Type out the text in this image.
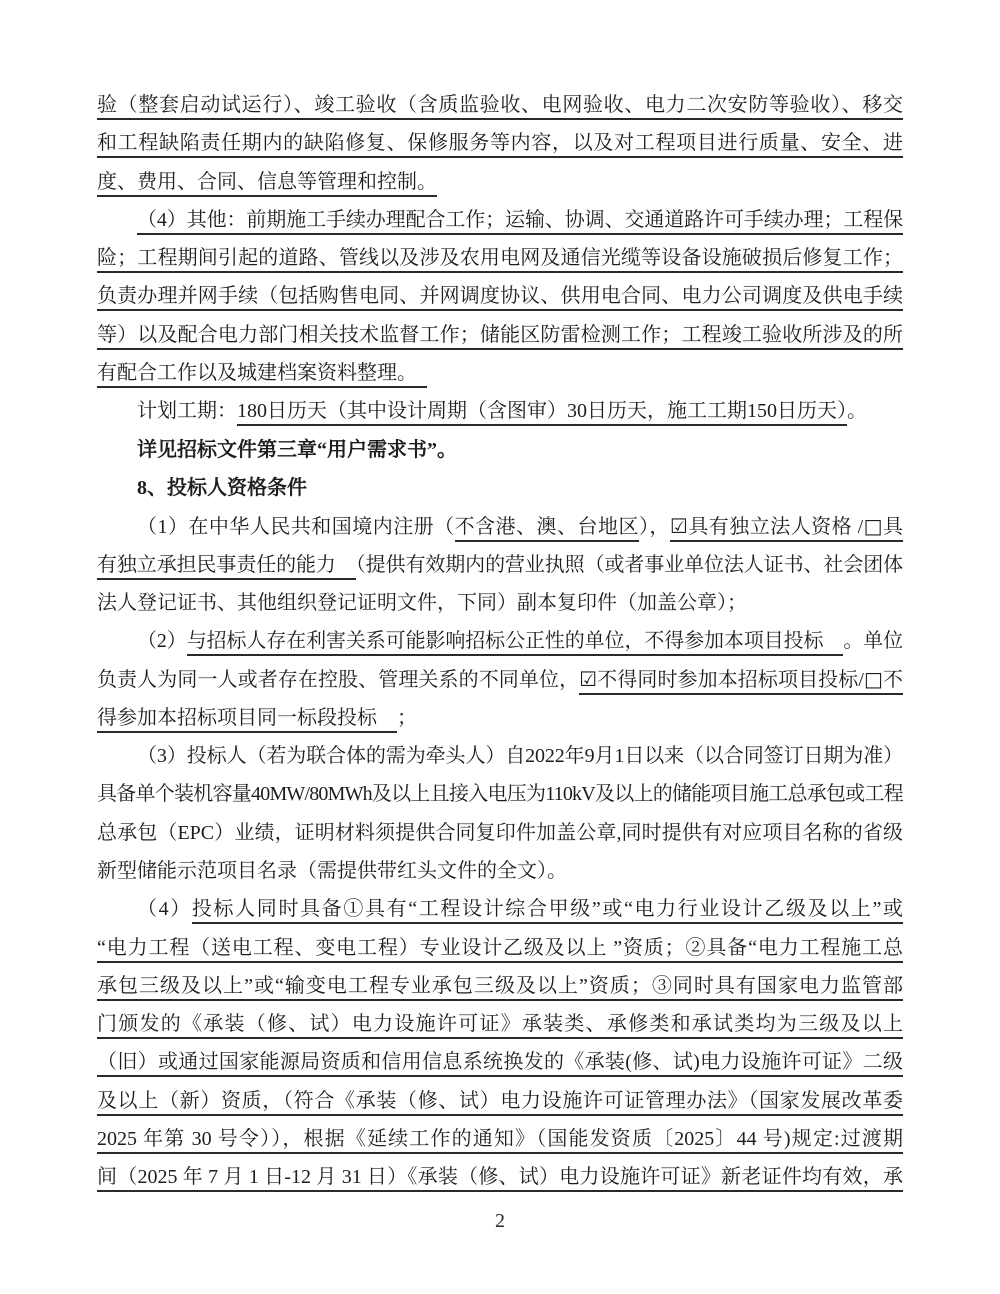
验（整套启动试运行）、竣工验收（含质监验收、电网验收、电力二次安防等验收）、移交
和工程缺陷责任期内的缺陷修复、保修服务等内容，以及对工程项目进行质量、安全、进
度、费用、合同、信息等管理和控制。
（4）其他：前期施工手续办理配合工作；运输、协调、交通道路许可手续办理；工程保
险；工程期间引起的道路、管线以及涉及农用电网及通信光缆等设备设施破损后修复工作；
负责办理并网手续（包括购售电同、并网调度协议、供用电合同、电力公司调度及供电手续
等）以及配合电力部门相关技术监督工作；储能区防雷检测工作；工程竣工验收所涉及的所
有配合工作以及城建档案资料整理。　
计划工期：180日历天（其中设计周期（含图审）30日历天，施工工期150日历天）。
详见招标文件第三章“用户需求书”。
8、投标人资格条件
（1）在中华人民共和国境内注册（不含港、澳、台地区），☑具有独立法人资格 /□具
有独立承担民事责任的能力　（提供有效期内的营业执照（或者事业单位法人证书、社会团体
法人登记证书、其他组织登记证明文件，下同）副本复印件（加盖公章）；
（2）与招标人存在利害关系可能影响招标公正性的单位，不得参加本项目投标　。单位
负责人为同一人或者存在控股、管理关系的不同单位，☑不得同时参加本招标项目投标/□不
得参加本招标项目同一标段投标　；
（3）投标人（若为联合体的需为牵头人）自2022年9月1日以来（以合同签订日期为准）
具备单个装机容量40MW/80MWh及以上且接入电压为110kV及以上的储能项目施工总承包或工程
总承包（EPC）业绩，证明材料须提供合同复印件加盖公章,同时提供有对应项目名称的省级
新型储能示范项目名录（需提供带红头文件的全文）。
（4）投标人同时具备①具有“工程设计综合甲级”或“电力行业设计乙级及以上”或
“电力工程（送电工程、变电工程）专业设计乙级及以上 ”资质；②具备“电力工程施工总
承包三级及以上”或“输变电工程专业承包三级及以上”资质；③同时具有国家电力监管部
门颁发的《承装（修、试）电力设施许可证》承装类、承修类和承试类均为三级及以上
（旧）或通过国家能源局资质和信用信息系统换发的《承装(修、试)电力设施许可证》二级
及以上（新）资质，（符合《承装（修、试）电力设施许可证管理办法》（国家发展改革委
2025 年第 30 号令）），根据《延续工作的通知》（国能发资质〔2025〕44 号)规定:过渡期
间（2025 年 7 月 1 日-12 月 31 日）《承装（修、试）电力设施许可证》新老证件均有效，承
2
